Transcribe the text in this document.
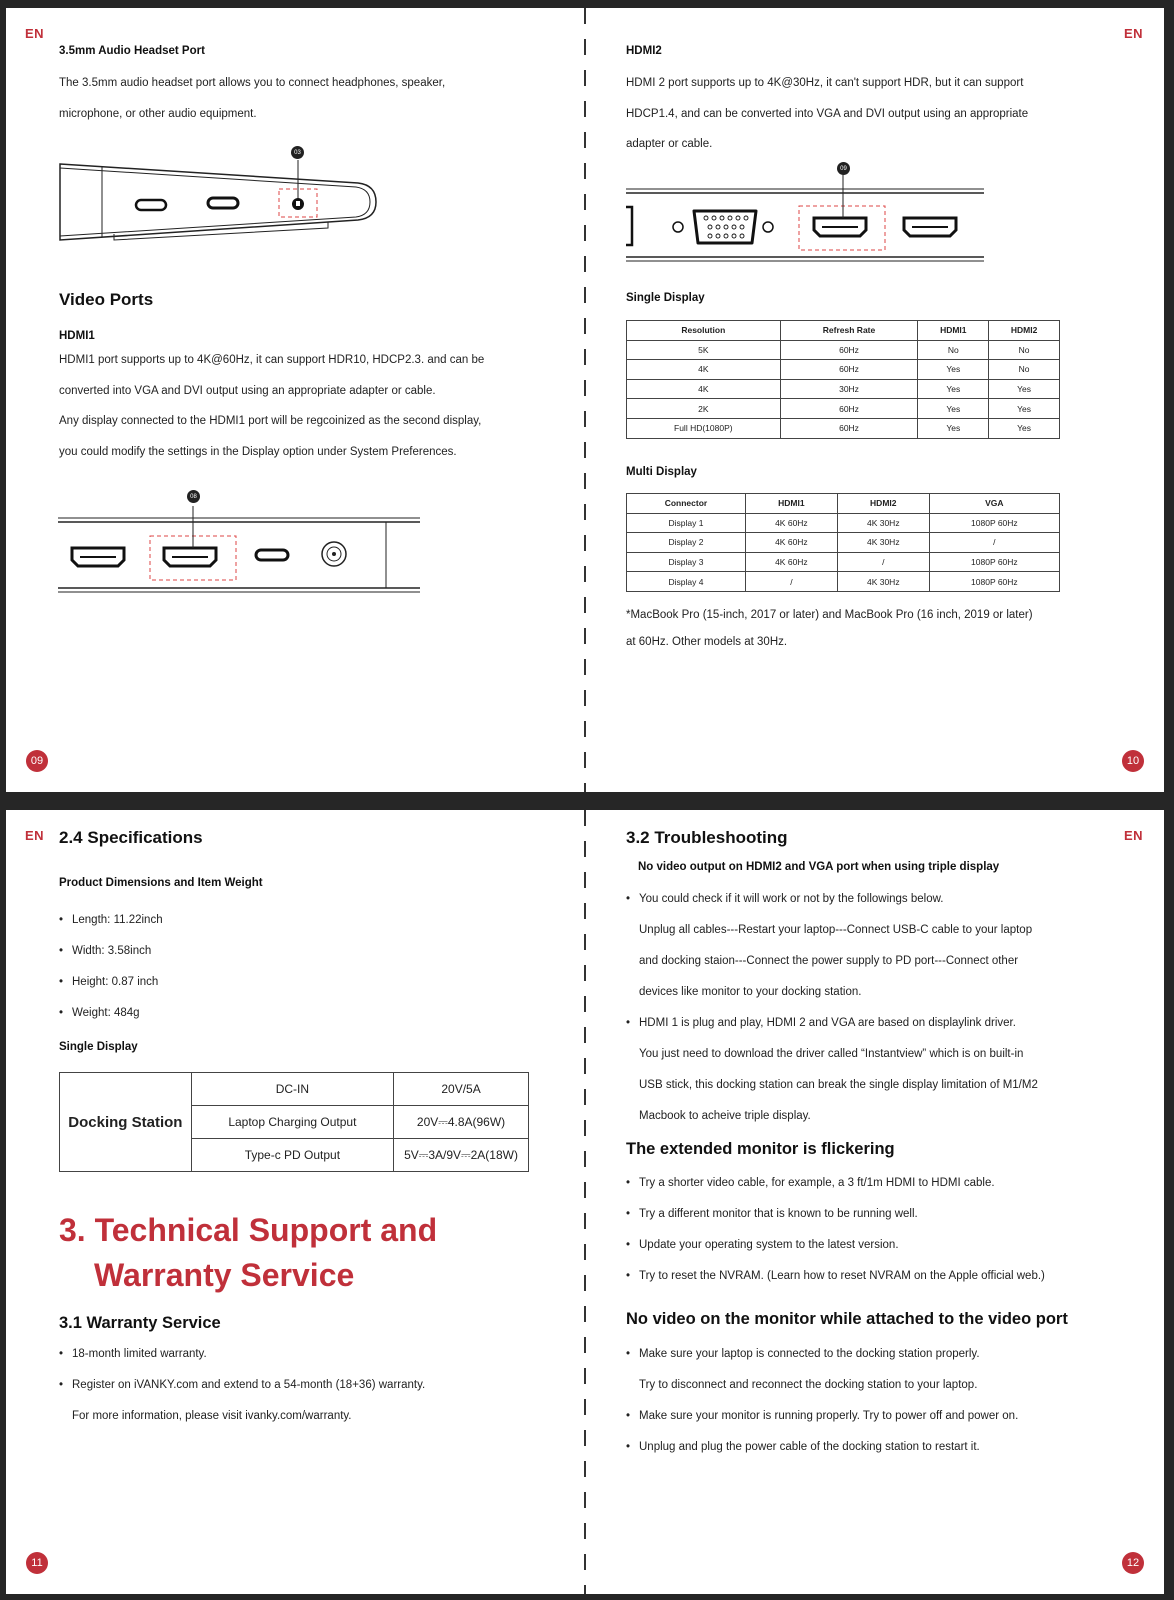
EN
3.5mm Audio Headset Port
The 3.5mm audio headset port allows you to connect headphones, speaker,
microphone, or other audio equipment.
03
Video Ports
HDMI1
HDMI1 port supports up to 4K@60Hz, it can support HDR10, HDCP2.3. and can be
converted into VGA and DVI output using an appropriate adapter or cable.
Any display connected to the HDMI1 port will be regcoinized as the second display,
you could modify the settings in the Display option under System Preferences.
08
09
EN
HDMI2
HDMI 2 port supports up to 4K@30Hz, it can't support HDR, but it can support
HDCP1.4, and can be converted into VGA and DVI output using an appropriate
adapter or cable.
09
Single Display
Resolution	Refresh Rate	HDMI1	HDMI2
5K	60Hz	No	No
4K	60Hz	Yes	No
4K	30Hz	Yes	Yes
2K	60Hz	Yes	Yes
Full HD(1080P)	60Hz	Yes	Yes
Multi Display
Connector	HDMI1	HDMI2	VGA
Display 1	4K 60Hz	4K 30Hz	1080P 60Hz
Display 2	4K 60Hz	4K 30Hz	/
Display 3	4K 60Hz	/	1080P 60Hz
Display 4	/	4K 30Hz	1080P 60Hz
*MacBook Pro (15-inch, 2017 or later) and MacBook Pro (16 inch, 2019 or later)
at 60Hz. Other models at 30Hz.
10
EN 2.4 Specifications
Product Dimensions and Item Weight
• Length: 11.22inch
• Width: 3.58inch
• Height: 0.87 inch
• Weight: 484g
Single Display
Docking Station	DC-IN	20V/5A
	Laptop Charging Output	20V⎓4.8A(96W)
	Type-c PD Output	5V⎓3A/9V⎓2A(18W)
3. Technical Support and
Warranty Service
3.1 Warranty Service
• 18-month limited warranty.
• Register on iVANKY.com and extend to a 54-month (18+36) warranty.
For more information, please visit ivanky.com/warranty.
11
EN
3.2 Troubleshooting
No video output on HDMI2 and VGA port when using triple display
• You could check if it will work or not by the followings below.
Unplug all cables---Restart your laptop---Connect USB-C cable to your laptop
and docking staion---Connect the power supply to PD port---Connect other
devices like monitor to your docking station.
• HDMI 1 is plug and play, HDMI 2 and VGA are based on displaylink driver.
You just need to download the driver called “Instantview” which is on built-in
USB stick, this docking station can break the single display limitation of M1/M2
Macbook to acheive triple display.
The extended monitor is flickering
• Try a shorter video cable, for example, a 3 ft/1m HDMI to HDMI cable.
• Try a different monitor that is known to be running well.
• Update your operating system to the latest version.
• Try to reset the NVRAM. (Learn how to reset NVRAM on the Apple official web.)
No video on the monitor while attached to the video port
• Make sure your laptop is connected to the docking station properly.
Try to disconnect and reconnect the docking station to your laptop.
• Make sure your monitor is running properly. Try to power off and power on.
• Unplug and plug the power cable of the docking station to restart it.
12
